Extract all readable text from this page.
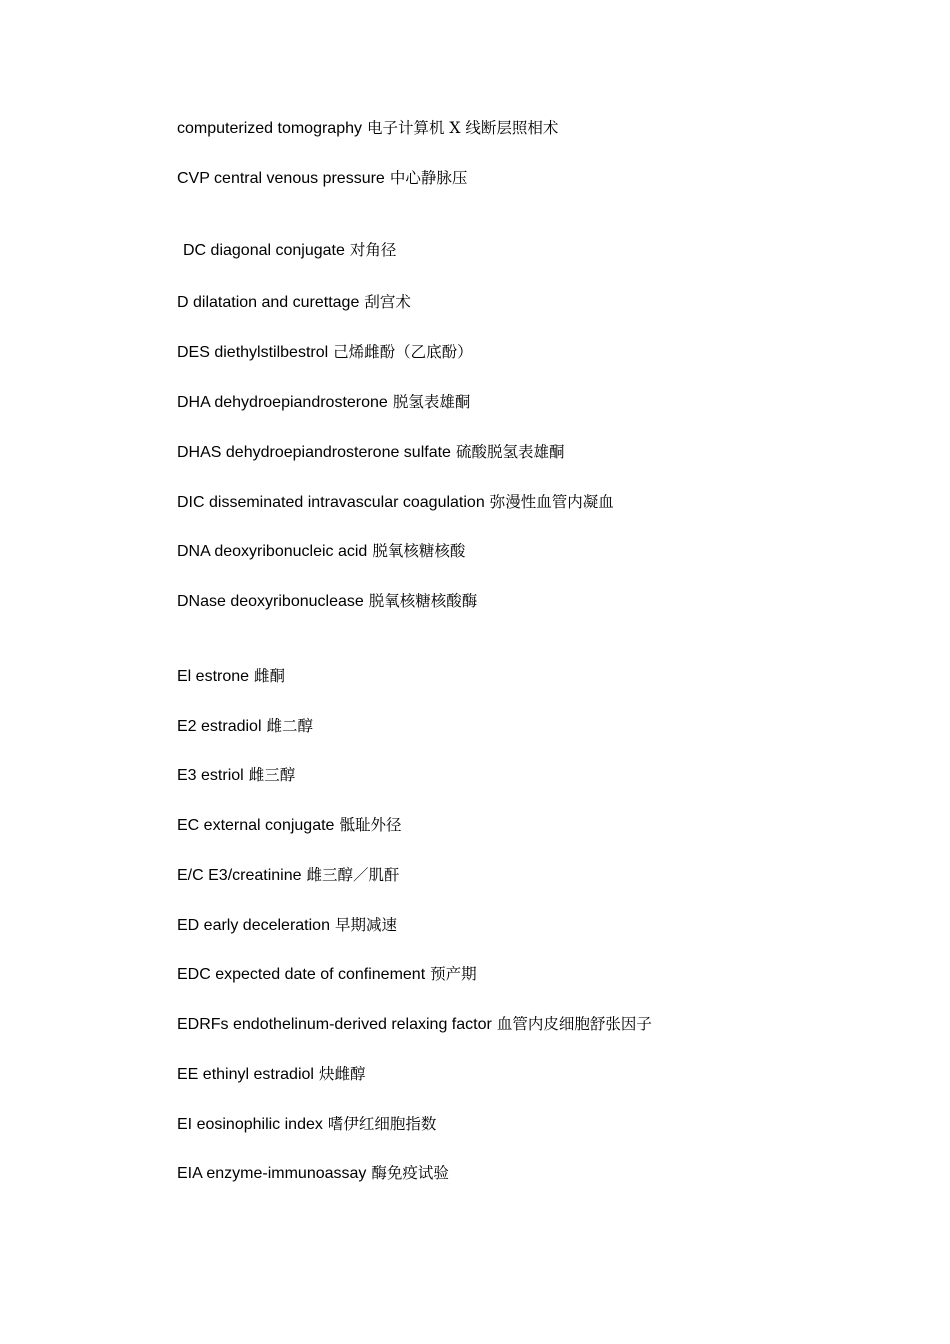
computerized tomography 电子计算机 X 线断层照相术
CVP central venous pressure 中心静脉压
DC diagonal conjugate 对角径
D dilatation and curettage 刮宫术
DES diethylstilbestrol 己烯雌酚（乙底酚）
DHA dehydroepiandrosterone 脱氢表雄酮
DHAS dehydroepiandrosterone sulfate 硫酸脱氢表雄酮
DIC disseminated intravascular coagulation 弥漫性血管内凝血
DNA deoxyribonucleic acid 脱氧核糖核酸
DNase deoxyribonuclease 脱氧核糖核酸酶
El estrone 雌酮
E2 estradiol 雌二醇
E3 estriol 雌三醇
EC external conjugate 骶耻外径
E/C E3/creatinine 雌三醇／肌酐
ED early deceleration 早期减速
EDC expected date of confinement 预产期
EDRFs endothelinum-derived relaxing factor 血管内皮细胞舒张因子
EE ethinyl estradiol 炔雌醇
EI eosinophilic index 嗜伊红细胞指数
EIA enzyme-immunoassay 酶免疫试验
